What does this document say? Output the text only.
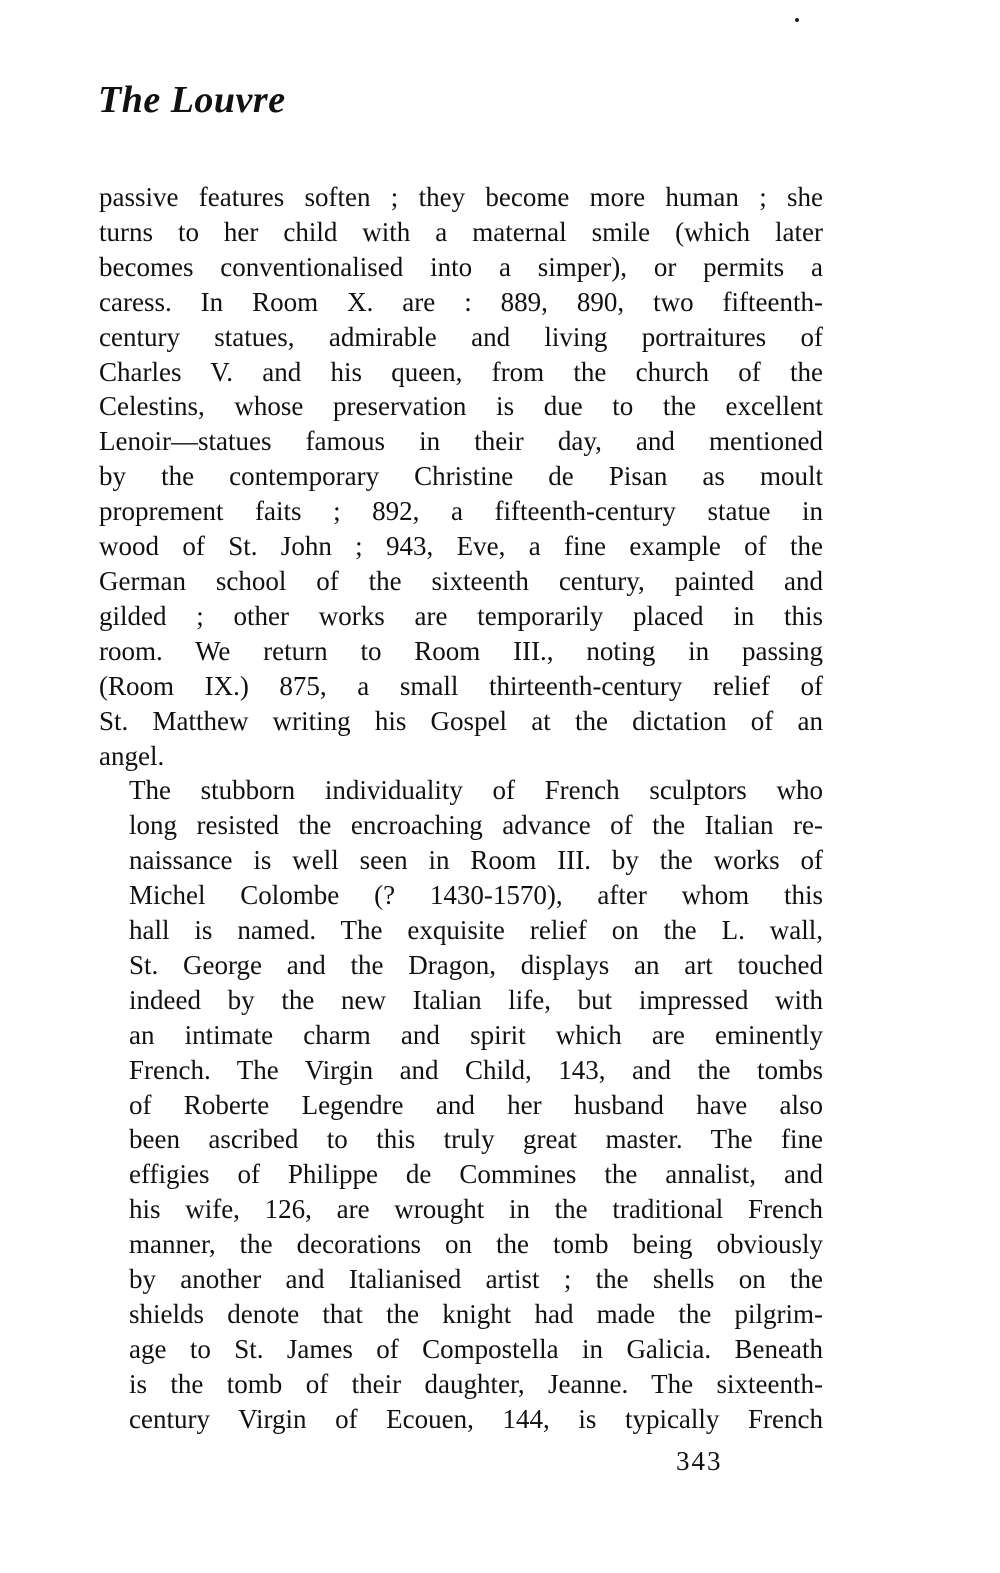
The Louvre

passive features soften ; they become more human ; she
turns to her child with a maternal smile (which later
becomes conventionalised into a simper), or permits a
caress. In Room X. are : 889, 890, two fifteenth-
century statues, admirable and living portraitures of
Charles V. and his queen, from the church of the
Celestins, whose preservation is due to the excellent
Lenoir—statues famous in their day, and mentioned
by the contemporary Christine de Pisan as moult
proprement faits ; 892, a fifteenth-century statue in
wood of St. John ; 943, Eve, a fine example of the
German school of the sixteenth century, painted and
gilded ; other works are temporarily placed in this
room. We return to Room III., noting in passing
(Room IX.) 875, a small thirteenth-century relief of
St. Matthew writing his Gospel at the dictation of an
angel.

The stubborn individuality of French sculptors who
long resisted the encroaching advance of the Italian re-
naissance is well seen in Room III. by the works of
Michel Colombe (? 1430-1570), after whom this
hall is named. The exquisite relief on the L. wall,
St. George and the Dragon, displays an art touched
indeed by the new Italian life, but impressed with
an intimate charm and spirit which are eminently
French. The Virgin and Child, 143, and the tombs
of Roberte Legendre and her husband have also
been ascribed to this truly great master. The fine
effigies of Philippe de Commines the annalist, and
his wife, 126, are wrought in the traditional French
manner, the decorations on the tomb being obviously
by another and Italianised artist ; the shells on the
shields denote that the knight had made the pilgrim-
age to St. James of Compostella in Galicia. Beneath
is the tomb of their daughter, Jeanne. The sixteenth-
century Virgin of Ecouen, 144, is typically French

343
